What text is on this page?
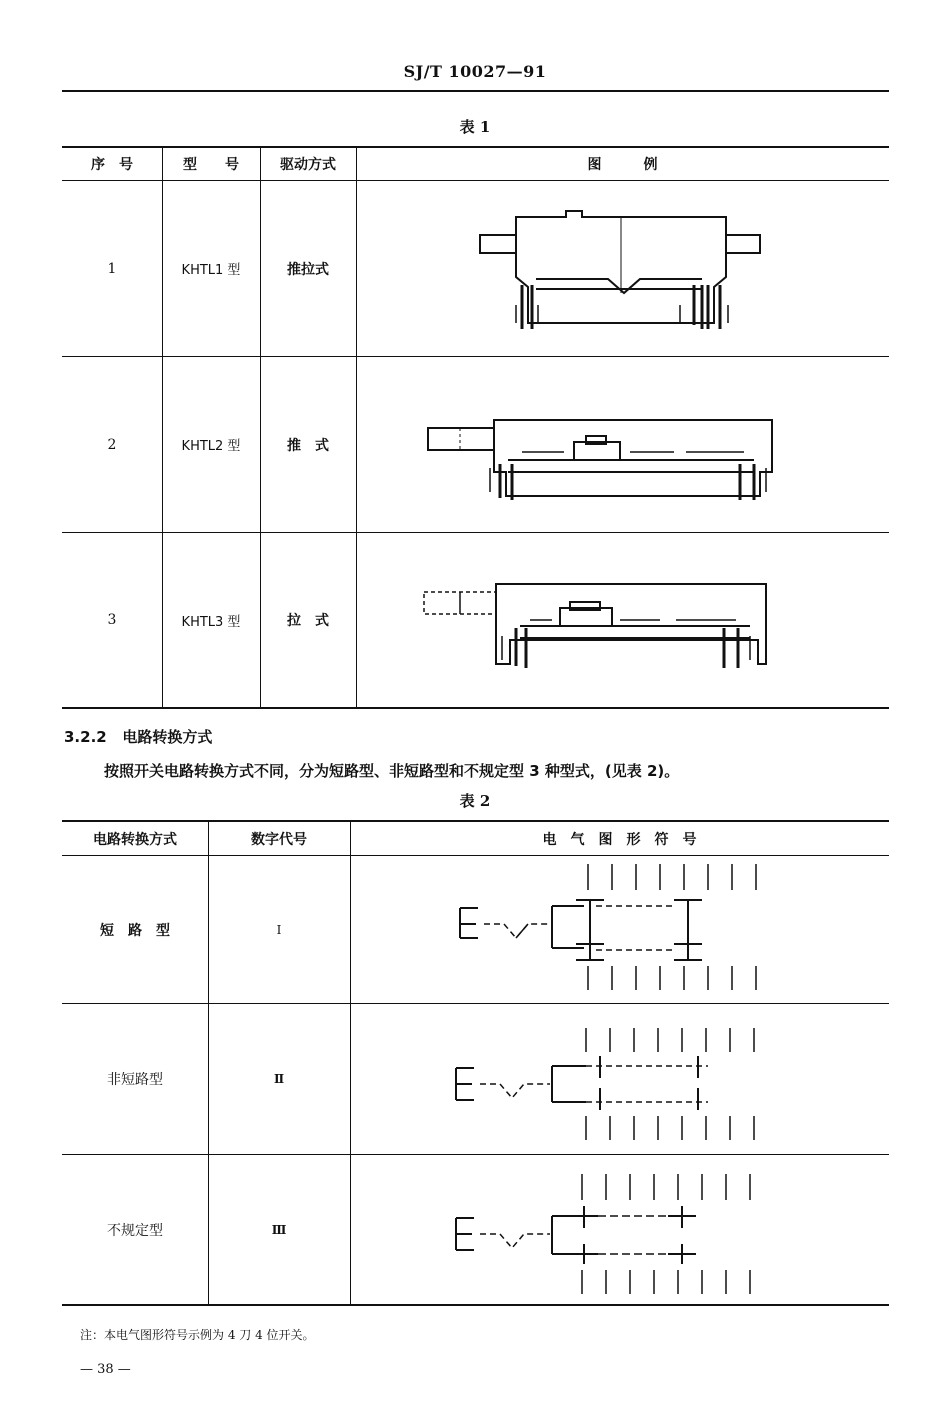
SJ/T 10027—91
表 1
序　号	型　　号	驱动方式	图　　　例
1	KHTL1 型	推拉式
2	KHTL2 型	推　式
3	KHTL3 型	拉　式
3.2.2 电路转换方式
按照开关电路转换方式不同，分为短路型、非短路型和不规定型 3 种型式，(见表 2)。
表 2
电路转换方式	数字代号	电　气　图　形　符　号
短　路　型	I
非短路型	Ⅱ
不规定型	Ⅲ
注：本电气图形符号示例为 4 刀 4 位开关。
— 38 —
